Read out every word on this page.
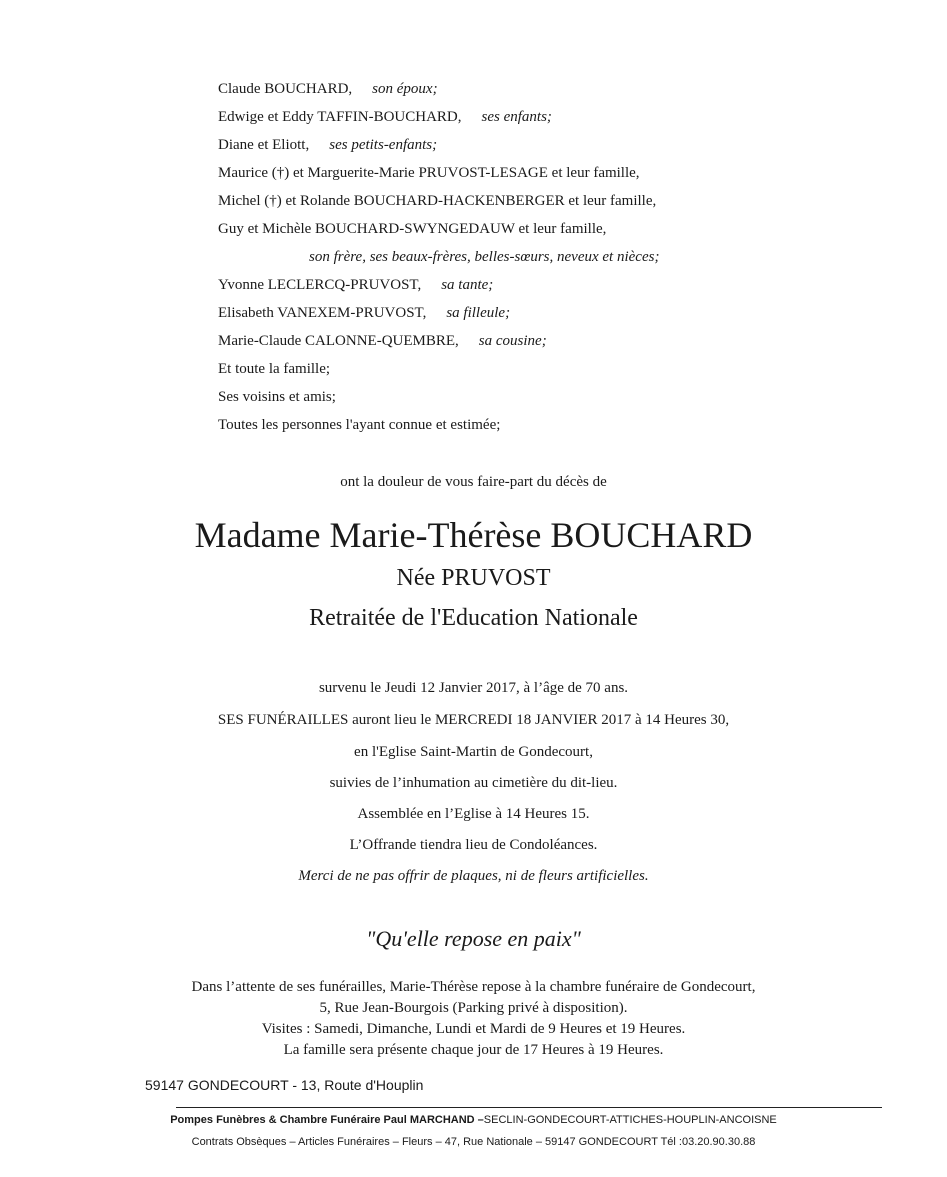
Claude BOUCHARD, son époux;
Edwige et Eddy TAFFIN-BOUCHARD, ses enfants;
Diane et Eliott, ses petits-enfants;
Maurice (†) et Marguerite-Marie PRUVOST-LESAGE et leur famille,
Michel (†) et Rolande BOUCHARD-HACKENBERGER et leur famille,
Guy et Michèle BOUCHARD-SWYNGEDAUW et leur famille,
son frère, ses beaux-frères, belles-sœurs, neveux et nièces;
Yvonne LECLERCQ-PRUVOST, sa tante;
Elisabeth VANEXEM-PRUVOST, sa filleule;
Marie-Claude CALONNE-QUEMBRE, sa cousine;
Et toute la famille;
Ses voisins et amis;
Toutes les personnes l'ayant connue et estimée;
ont la douleur de vous faire-part du décès de
Madame Marie-Thérèse BOUCHARD
Née PRUVOST
Retraitée de l'Education Nationale
survenu le Jeudi 12 Janvier 2017, à l’âge de 70 ans.
SES FUNÉRAILLES auront lieu le MERCREDI 18 JANVIER 2017 à 14 Heures 30,
en l'Eglise Saint-Martin de Gondecourt,
suivies de l’inhumation au cimetière du dit-lieu.
Assemblée en l’Eglise à 14 Heures 15.
L’Offrande tiendra lieu de Condoléances.
Merci de ne pas offrir de plaques, ni de fleurs artificielles.
"Qu'elle repose en paix"
Dans l’attente de ses funérailles, Marie-Thérèse repose à la chambre funéraire de Gondecourt,
5, Rue Jean-Bourgois (Parking privé à disposition).
Visites : Samedi, Dimanche, Lundi et Mardi de 9 Heures et 19 Heures.
La famille sera présente chaque jour de 17 Heures à 19 Heures.
59147 GONDECOURT - 13, Route d'Houplin
Pompes Funèbres & Chambre Funéraire Paul MARCHAND –SECLIN-GONDECOURT-ATTICHES-HOUPLIN-ANCOISNE
Contrats Obsèques – Articles Funéraires – Fleurs – 47, Rue Nationale – 59147 GONDECOURT Tél :03.20.90.30.88
